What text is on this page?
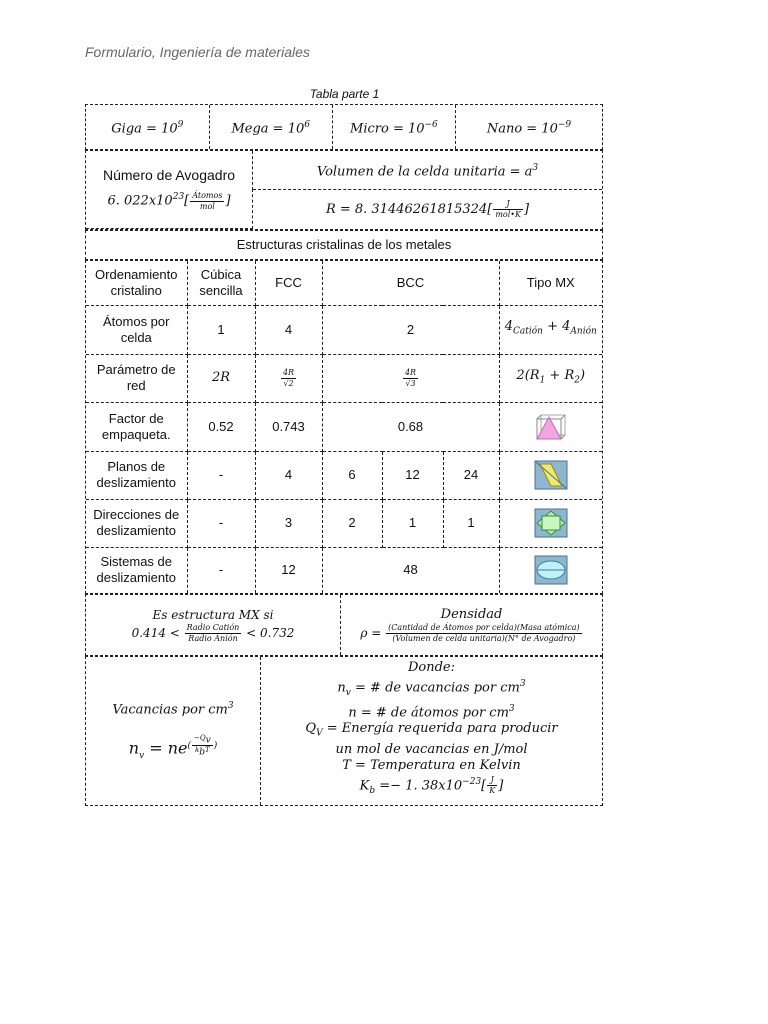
Formulario, Ingeniería de materiales
Tabla parte 1
Giga = $10^9$	Mega = $10^6$	Micro = $10^{-6}$	Nano = $10^{-9}$
Número de Avogadro
6. $022x10^{23}[ \frac{\text{Átomos}}{\text{mol}}$ ]
	Volumen de la celda unitaria = $a^3$
R = 8. $31446261815324[ \frac{J}{\text{mol•K}}$ ]
Estructuras cristalinas de los metales
Ordenamiento cristalino	Cúbica sencilla	FCC	BCC			Tipo MX
Átomos por celda	1	4	2			$4_{Catión} + 4_{Anión}$
Parámetro de red	2R	$\frac{4R}{√2}$	$\frac{4R}{√3}$			$2(R_1 + R_2)$
Factor de empaqueta.	0.52	0.743	0.68	
Planos de deslizamiento	-	4	6	12	24	
Direcciones de deslizamiento	-	3	2	1	1	
Sistemas de deslizamiento	-	12	48	
Es estructura MX si
$0.414 < \frac{\text{Radio Catión}}{\text{Radio Anión}} < 0.732$

Densidad
$\rho = \frac{\text{(Cantidad de Átomos por celda)(Masa atómica)}}{\text{(Volumen de celda unitaria)(N° de Avogadro)}}$
Vacancias por $cm^3$
$n_v = ne^{( \frac{-Q_v}{k_bT} )}$

Donde:
$n_v$ = # de vacancias por $cm^3$
n = # de átomos por $cm^3$
$Q_V$ = Energía requerida para producir
un mol de vacancias en J/mol
T = Temperatura en Kelvin
$K_b =- 1$. $38x10^{-23}[ \frac{J}{K}$ ]
